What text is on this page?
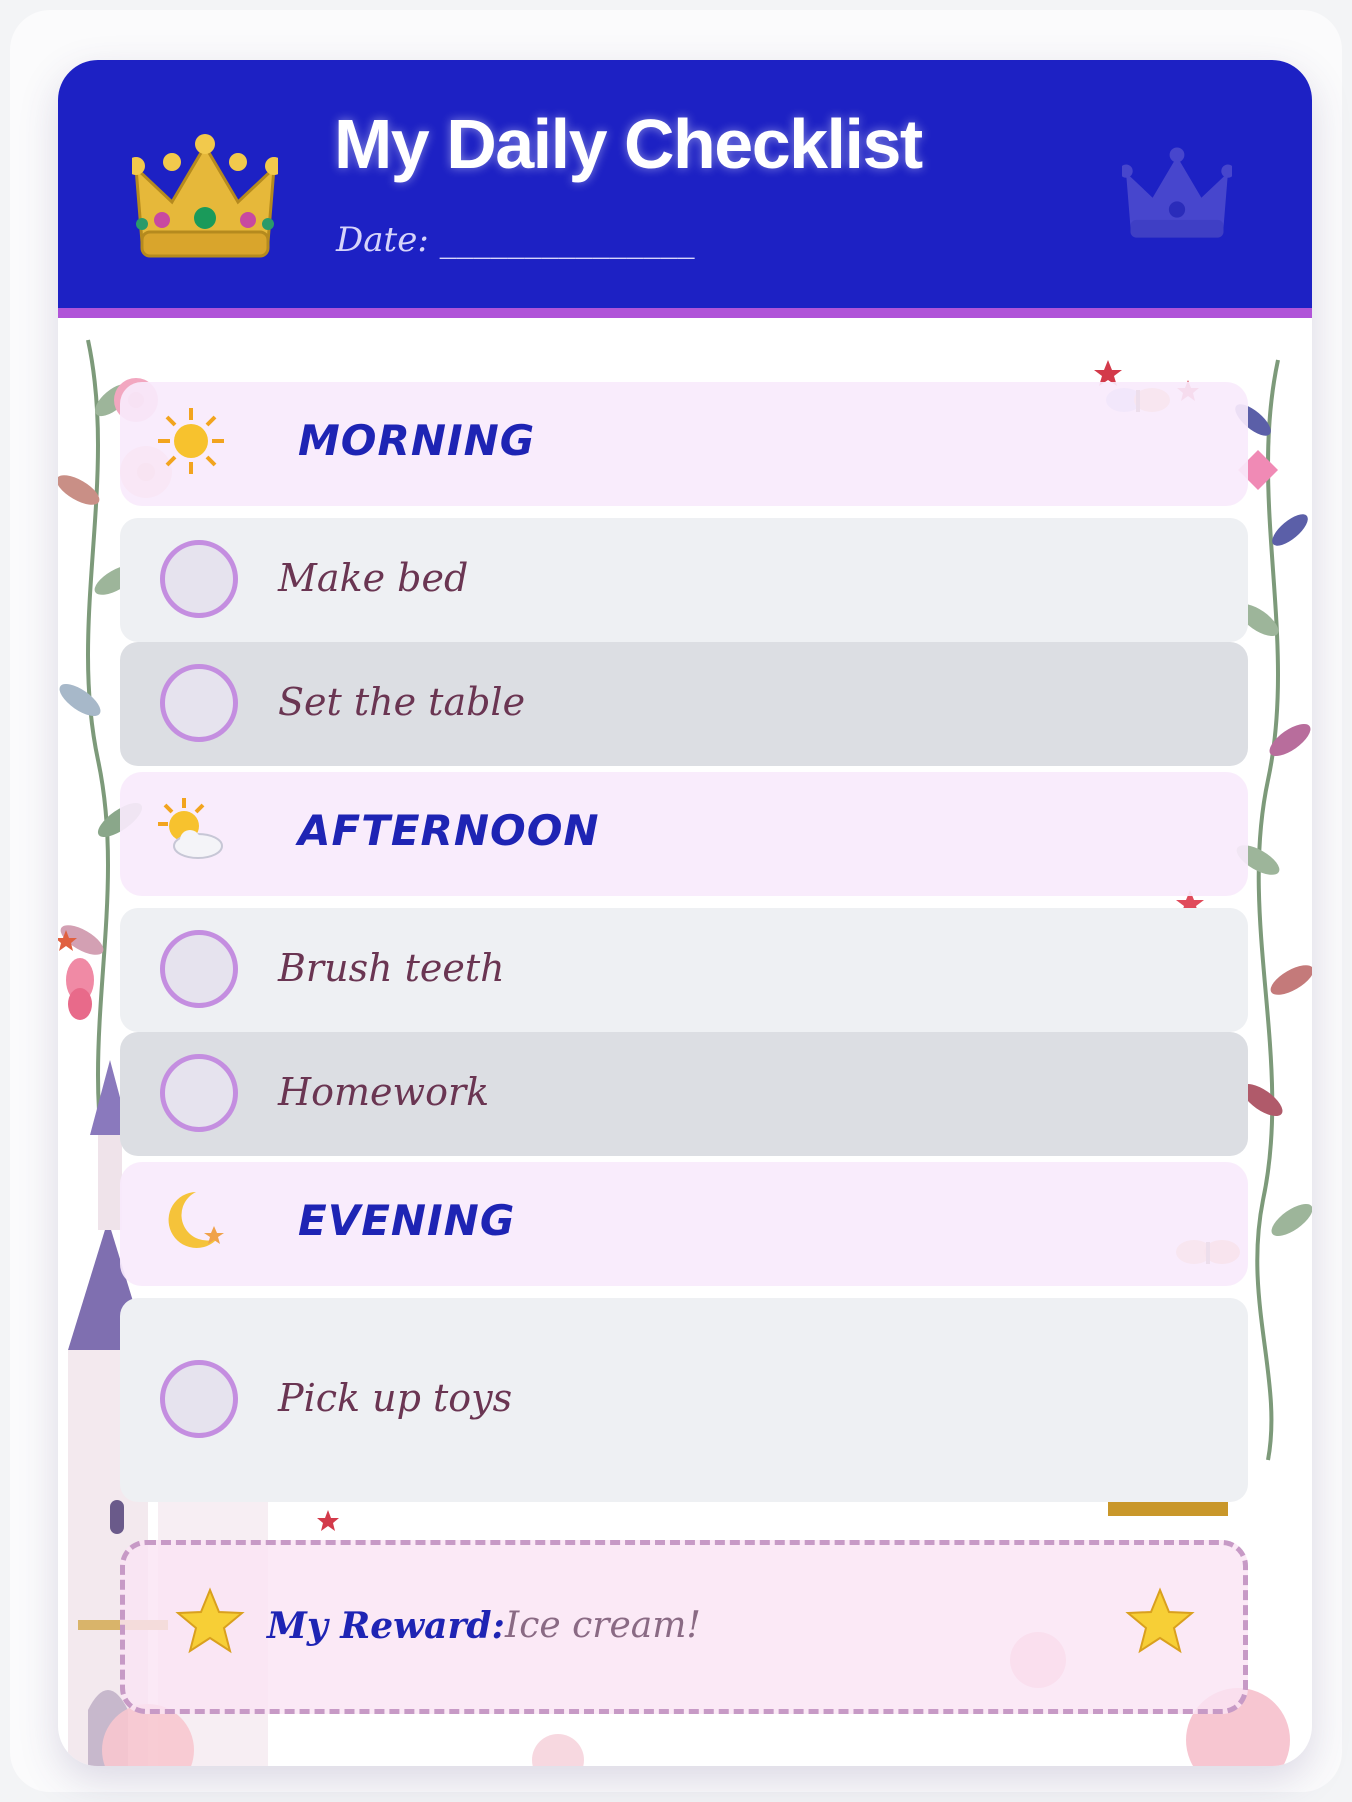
My Daily Checklist
Date: _______________
MORNING
Make bed
Set the table
AFTERNOON
Brush teeth
Homework
EVENING
Pick up toys
My Reward: Ice cream!
